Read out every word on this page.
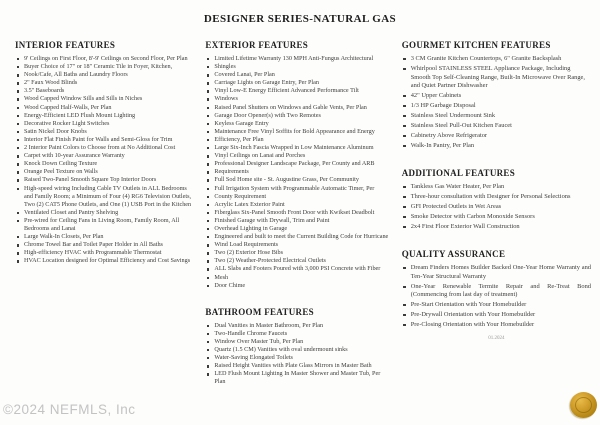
DESIGNER SERIES-NATURAL GAS
INTERIOR FEATURES
9' Ceilings on First Floor, 8'-9' Ceilings on Second Floor, Per Plan
Buyer Choice of 17" or 18" Ceramic Tile in Foyer, Kitchen,
Nook/Cafe, All Baths and Laundry Floors
2" Faux Wood Blinds
3.5" Baseboards
Wood Capped Window Sills and Sills in Niches
Wood Capped Half-Walls, Per Plan
Energy-Efficient LED Flush Mount Lighting
Decorative Rocker Light Switches
Satin Nickel Door Knobs
Interior Flat Finish Paint for Walls and Semi-Gloss for Trim
2 Interior Paint Colors to Choose from at No Additional Cost
Carpet with 10-year Assurance Warranty
Knock Down Ceiling Texture
Orange Peel Texture on Walls
Raised Two-Panel Smooth Square Top Interior Doors
High-speed wiring Including Cable TV Outlets in ALL Bedrooms and Family Room; a Minimum of Four (4) RG6 Television Outlets, Two (2) CAT5 Phone Outlets, and One (1) USB Port in the Kitchen
Ventilated Closet and Pantry Shelving
Pre-wired for Ceiling Fans in Living Room, Family Room, All Bedrooms and Lanai
Large Walk-In Closets, Per Plan
Chrome Towel Bar and Toilet Paper Holder in All Baths
High-efficiency HVAC with Programmable Thermostat
HVAC Location designed for Optimal Efficiency and Cost Savings
EXTERIOR FEATURES
Limited Lifetime Warranty 130 MPH Anti-Fungus Architectural
Shingles
Covered Lanai, Per Plan
Carriage Lights on Garage Entry, Per Plan
Vinyl Low-E Energy Efficient Advanced Performance Tilt
Windows
Raised Panel Shutters on Windows and Gable Vents, Per Plan
Garage Door Opener(s) with Two Remotes
Keyless Garage Entry
Maintenance Free Vinyl Soffits for Bold Appearance and Energy
Efficiency, Per Plan
Large Six-Inch Fascia Wrapped in Low Maintenance Aluminum
Vinyl Ceilings on Lanai and Porches
Professional Designer Landscape Package, Per County and ARB
Requirements
Full Sod Home site - St. Augustine Grass, Per Community
Full Irrigation System with Programmable Automatic Timer, Per
County Requirement
Acrylic Latex Exterior Paint
Fiberglass Six-Panel Smooth Front Door with Kwikset Deadbolt
Finished Garage with Drywall, Trim and Paint
Overhead Lighting in Garage
Engineered and built to meet the Current Building Code for Hurricane
Wind Load Requirements
Two (2) Exterior Hose Bibs
Two (2) Weather-Protected Electrical Outlets
ALL Slabs and Footers Poured with 3,000 PSI Concrete with Fiber
Mesh
Door Chime
BATHROOM FEATURES
Dual Vanities in Master Bathroom, Per Plan
Two-Handle Chrome Faucets
Window Over Master Tub, Per Plan
Quartz (1.5 CM) Vanities with oval undermount sinks
Water-Saving Elongated Toilets
Raised Height Vanities with Plate Glass Mirrors in Master Bath
LED Flush Mount Lighting In Master Shower and Master Tub, Per Plan
GOURMET KITCHEN FEATURES
3 CM Granite Kitchen Countertops, 6" Granite Backsplash
Whirlpool STAINLESS STEEL Appliance Package, Including Smooth Top Self-Cleaning Range, Built-In Microwave Over Range, and Quiet Partner Dishwasher
42" Upper Cabinets
1/3 HP Garbage Disposal
Stainless Steel Undermount Sink
Stainless Steel Pull-Out Kitchen Faucet
Cabinetry Above Refrigerator
Walk-In Pantry, Per Plan
ADDITIONAL FEATURES
Tankless Gas Water Heater, Per Plan
Three-hour consultation with Designer for Personal Selections
GFI Protected Outlets in Wet Areas
Smoke Detector with Carbon Monoxide Sensors
2x4 First Floor Exterior Wall Construction
QUALITY ASSURANCE
Dream Finders Homes Builder Backed One-Year Home Warranty and Ten-Year Structural Warranty
One-Year Renewable Termite Repair and Re-Treat Bond (Commencing from last day of treatment)
Pre-Start Orientation with Your Homebuilder
Pre-Drywall Orientation with Your Homebuilder
Pre-Closing Orientation with Your Homebuilder
01.2024
©2024 NEFMLS, Inc
